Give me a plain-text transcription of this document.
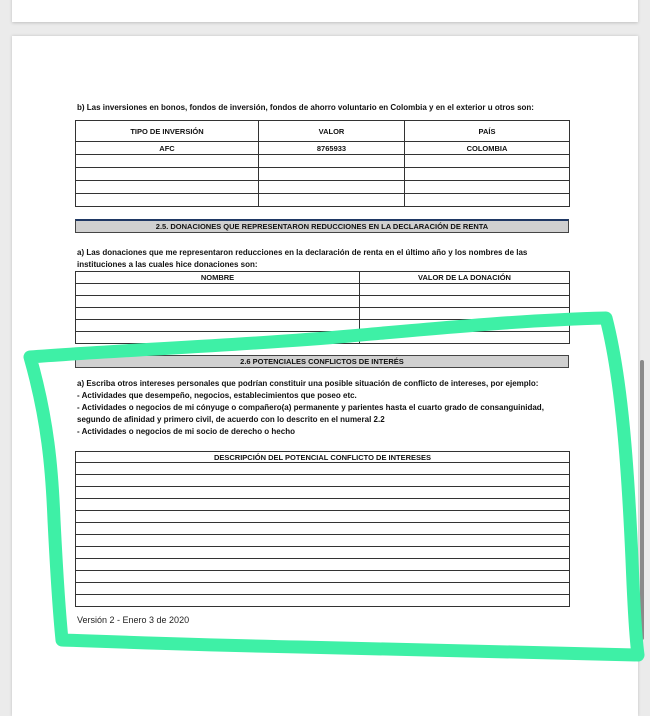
b) Las inversiones en bonos, fondos de inversión, fondos de ahorro voluntario en Colombia y en el exterior u otros son:

TIPO DE INVERSIÓN	VALOR	PAÍS
AFC	8765933	COLOMBIA

2.5. DONACIONES QUE REPRESENTARON REDUCCIONES EN LA DECLARACIÓN DE RENTA

a) Las donaciones que me representaron reducciones en la declaración de renta en el último año y los nombres de las

instituciones a las cuales hice donaciones son:

NOMBRE	VALOR DE LA DONACIÓN

2.6 POTENCIALES CONFLICTOS DE INTERÉS

a) Escriba otros intereses personales que podrían constituir una posible situación de conflicto de intereses, por ejemplo:

- Actividades que desempeño, negocios, establecimientos que poseo etc.

- Actividades o negocios de mi cónyuge o compañero(a) permanente y parientes hasta el cuarto grado de consanguinidad,

segundo de afinidad y primero civil, de acuerdo con lo descrito en el numeral 2.2

- Actividades o negocios de mi socio de derecho o hecho

DESCRIPCIÓN DEL POTENCIAL CONFLICTO DE INTERESES

Versión 2 - Enero 3 de 2020
